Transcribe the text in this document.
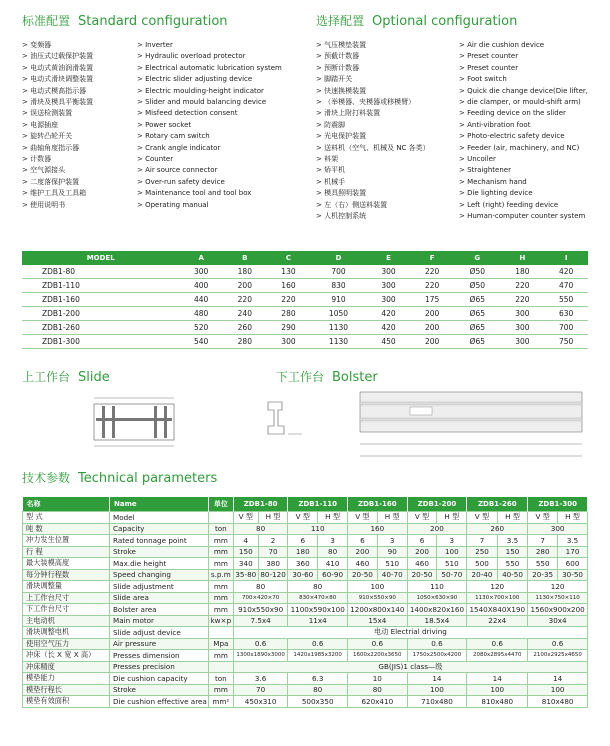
标准配置 Standard configuration
> 变频器
> 油压式过载保护装置
> 电动式黄油润滑装置
> 电动式滑块调整装置
> 电动式模高指示器
> 滑块及模具平衡装置
> 误送检测装置
> 电源插座
> 旋转凸轮开关
> 曲轴角度指示器
> 计数器
> 空气源接头
> 二度落保护装置
> 维护工具及工具箱
> 使用说明书
> Inverter
> Hydraulic overload protector
> Electrical automatic lubrication system
> Electric slider adjusting device
> Electric moulding-height indicator
> Slider and mould balancing device
> Misfeed detection consent
> Power socket
> Rotary cam switch
> Crank angle indicator
> Counter
> Air source connector
> Over-run safety device
> Maintenance tool and tool box
> Operating manual
选择配置 Optional configuration
> 气压模垫装置
> 预截计数器
> 预断计数器
> 脚踏开关
> 快速换模装置
> （举模器、夹模器或移模臂）
> 滑块上附打料装置
> 防震脚
> 光电保护装置
> 送料机（空气、机械及 NC 各类）
> 料架
> 矫平机
> 机械手
> 模具照明装置
> 左（右）侧送料装置
> 人机控制系统
> Air die cushion device
> Preset counter
> Preset counter
> Foot switch
> Quick die change device(Die lifter,
> die clamper, or mould-shift arm)
> Feeding device on the slider
> Anti-vibration foot
> Photo-electric safety device
> Feeder (air, machinery, and NC)
> Uncoiler
> Straightener
> Mechanism hand
> Die lighting device
> Left (right) feeding device
> Human-computer counter system
MODEL	A	B	C	D	E	F	G	H	I
ZDB1-80	300	180	130	700	300	220	Ø50	180	420
ZDB1-110	400	200	160	830	300	220	Ø50	220	470
ZDB1-160	440	220	220	910	300	175	Ø65	220	550
ZDB1-200	480	240	280	1050	420	200	Ø65	300	630
ZDB1-260	520	260	290	1130	420	200	Ø65	300	700
ZDB1-300	540	280	300	1130	450	200	Ø65	300	750
上工作台 Slide	下工作台 Bolster
技术参数 Technical parameters
名称	Name	单位	ZDB1-80		ZDB1-110		ZDB1-160		ZDB1-200		ZDB1-260		ZDB1-300	
型 式	Model		V 型	H 型	V 型	H 型	V 型	H 型	V 型	H 型	V 型	H 型	V 型	H 型
吨 数	Capacity	ton	80		110		160		200		260		300	
冲力发生位置	Rated tonnage point	mm	4	2	6	3	6	3	6	3	7	3.5	7	3.5
行 程	Stroke	mm	150	70	180	80	200	90	200	100	250	150	280	170
最大装模高度	Max.die height	mm	340	380	360	410	460	510	460	510	500	550	550	600
每分钟行程数	Speed changing	s.p.m	35-80	80-120	30-60	60-90	20-50	40-70	20-50	50-70	20-40	40-50	20-35	30-50
滑块调整量	Slide adjustment	mm	80		80		100		110		120		120	
上工作台尺寸	Slide area	mm	700×420×70		830×470×80		910×550×90		1050×630×90		1130×700×100		1130×750×110	
下工作台尺寸	Bolster area	mm	910x550x90		1100x590x100		1200x800x140		1400x820x160		1540X840X190		1560x900x200	
主电动机	Main motor	kw×p	7.5x4		11x4		15x4		18.5x4		22x4		30x4	
滑块调整电机	Slide adjust device		电动 Electrial driving											
使用空气压力	Air pressure	Mpa	0.6		0.6		0.6		0.6		0.6		0.6	
冲床（长 X 宽 X 高）	Presses dimension	mm	1300x1890x3000		1420x1985x3200		1600x2200x3650		1750x2500x4200		2080x2895x4470		2100x2925x4650	
冲床精度	Presses precision		GB(JIS)1 class—级											
模垫能力	Die cushion capacity	ton	3.6		6.3		10		14		14		14	
模垫行程长	Stroke	mm	70		80		80		100		100		100	
模垫有效面积	Die cushion effective area	mm²	450x310		500x350		620x410		710x480		810x480		810x480	
